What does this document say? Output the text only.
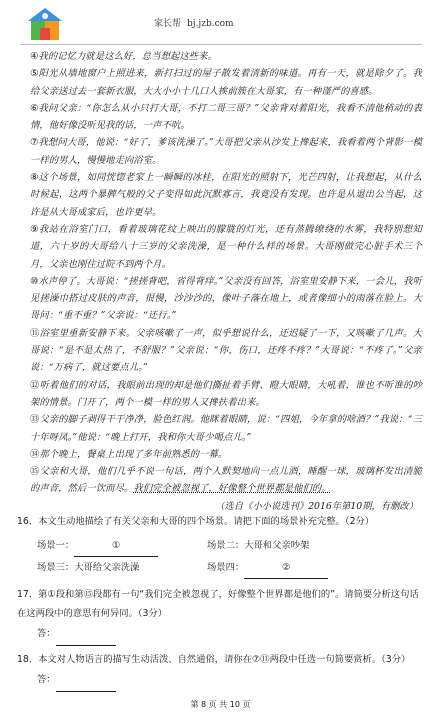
家长帮 bj.jzb.com

④我的记忆力就是这么好，总当想起这些来。

⑤阳光从墙地窗户上照进来，新打扫过的屋子散发着清新的味道。再有一天，就是除夕了。我给父亲送过去一套新衣服，大大小小十几口人挨前簇在大哥家，有一种谨严的喜感。

⑥我问父亲：“你怎么从小只打大哥，不打二哥三哥？”父亲背对着阳光，我看不清他稍动的表情，他好像没听见我的话，一声不吭。

⑦我想问大哥，他说：“好了，爹该洗澡了。”大哥把父亲从沙发上搀起来，我看着两个背影一模一样的男人，慢慢地走向浴室。

⑧这个场景，如同恍惚老家上一瞬瞬的冰桂，在阳光的照射下，光芒四射，让我想起，从什么时候起，这两个暴脾气般的父子变得如此沉默寡言，我竟没有发现。也许是从退出公当起，这许是从大哥成家后，也许更早。

⑨我站在浴室门口，看着玻璃花纹上映出的朦胧的灯光，还有蒸腾缭绕的水雾，我特别想知道，六十岁的大哥给八十三岁的父亲洗澡，是一种什么样的场景。大哥刚做完心脏手术三个月，父亲也刚住过院不到两个月。

⑩水声停了。大哥说：“搓搓背吧，省得背痒。”父亲没有回答，浴室里安静下来，一会儿，我听见搓澡巾搭过皮肤的声音，很慢，沙沙沙的，像叶子落在地上，或者像细小的雨落在脸上。大哥问：“重不重？”父亲说：“还行。”

⑪浴室里重新安静下来。父亲咳嗽了一声，似乎想说什么，还迟疑了一下，又咳嗽了几声。大哥说：“是不是太热了，不舒服？”父亲说：“你，伤口，还疼不疼？”大哥说：“不疼了。”父亲说：“万病了，就这要点儿。”

⑫听着他们的对话，我眼前出现的却是他们撕扯着手臂、瞪大眼睛，大吼着，谁也不听谁的吵架的情景。门开了，两个一模一样的男人又搀扶着出来。

⑬父亲的脚子剥得干干净净，脸色红润。他眯着眼睛，说：“四姐，今年拿的啥酒？”我说：“三十年呀凤。”他说：“晚上打开，我和你大哥少喝点儿。”

⑭那个晚上，餐桌上出现了多年前熟悉的一幕。

⑮父亲和大哥，他们几乎不说一句话，两个人默契地向一点儿酒，睡醒一球，玻璃杯发出清脆的声音，然后一饮而尽。我们完全被忽视了，好像整个世界都是他们的。

（选自《小小说选刊》2016年第10期，有删改）

16．本文生动地描绘了有关父亲和大哥的四个场景。请把下面的场景补充完整。（2分）

场景一：	①	场景二：大哥和父亲吵架
场景三：大哥给父亲洗澡	场景四：	②

17．第①段和第⑮段都有一句“我们完全被忽视了，好像整个世界都是他们的”。请简要分析这句话在这两段中的意思有何异同。（3分）

答：

18．本文对人物语言的描写生动活泼、自然通俗，请你在⑦⑪两段中任选一句简要赏析。（3分）

答：

第 8 页 共 10 页
